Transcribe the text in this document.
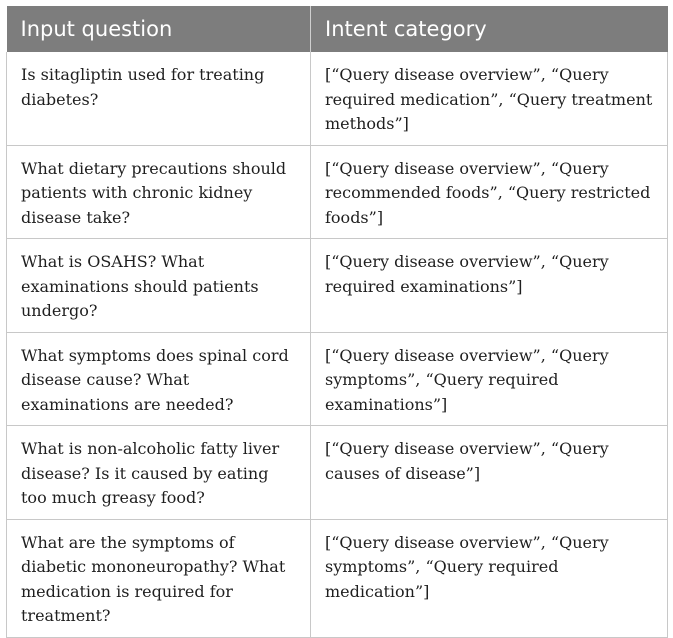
Input question	Intent category
Is sitagliptin used for treating diabetes?	[“Query disease overview”, “Query required medication”, “Query treatment methods”]
What dietary precautions should patients with chronic kidney disease take?	[“Query disease overview”, “Query recommended foods”, “Query restricted foods”]
What is OSAHS? What examinations should patients undergo?	[“Query disease overview”, “Query required examinations”]
What symptoms does spinal cord disease cause? What examinations are needed?	[“Query disease overview”, “Query symptoms”, “Query required examinations”]
What is non-alcoholic fatty liver disease? Is it caused by eating too much greasy food?	[“Query disease overview”, “Query causes of disease”]
What are the symptoms of diabetic mononeuropathy? What medication is required for treatment?	[“Query disease overview”, “Query symptoms”, “Query required medication”]
